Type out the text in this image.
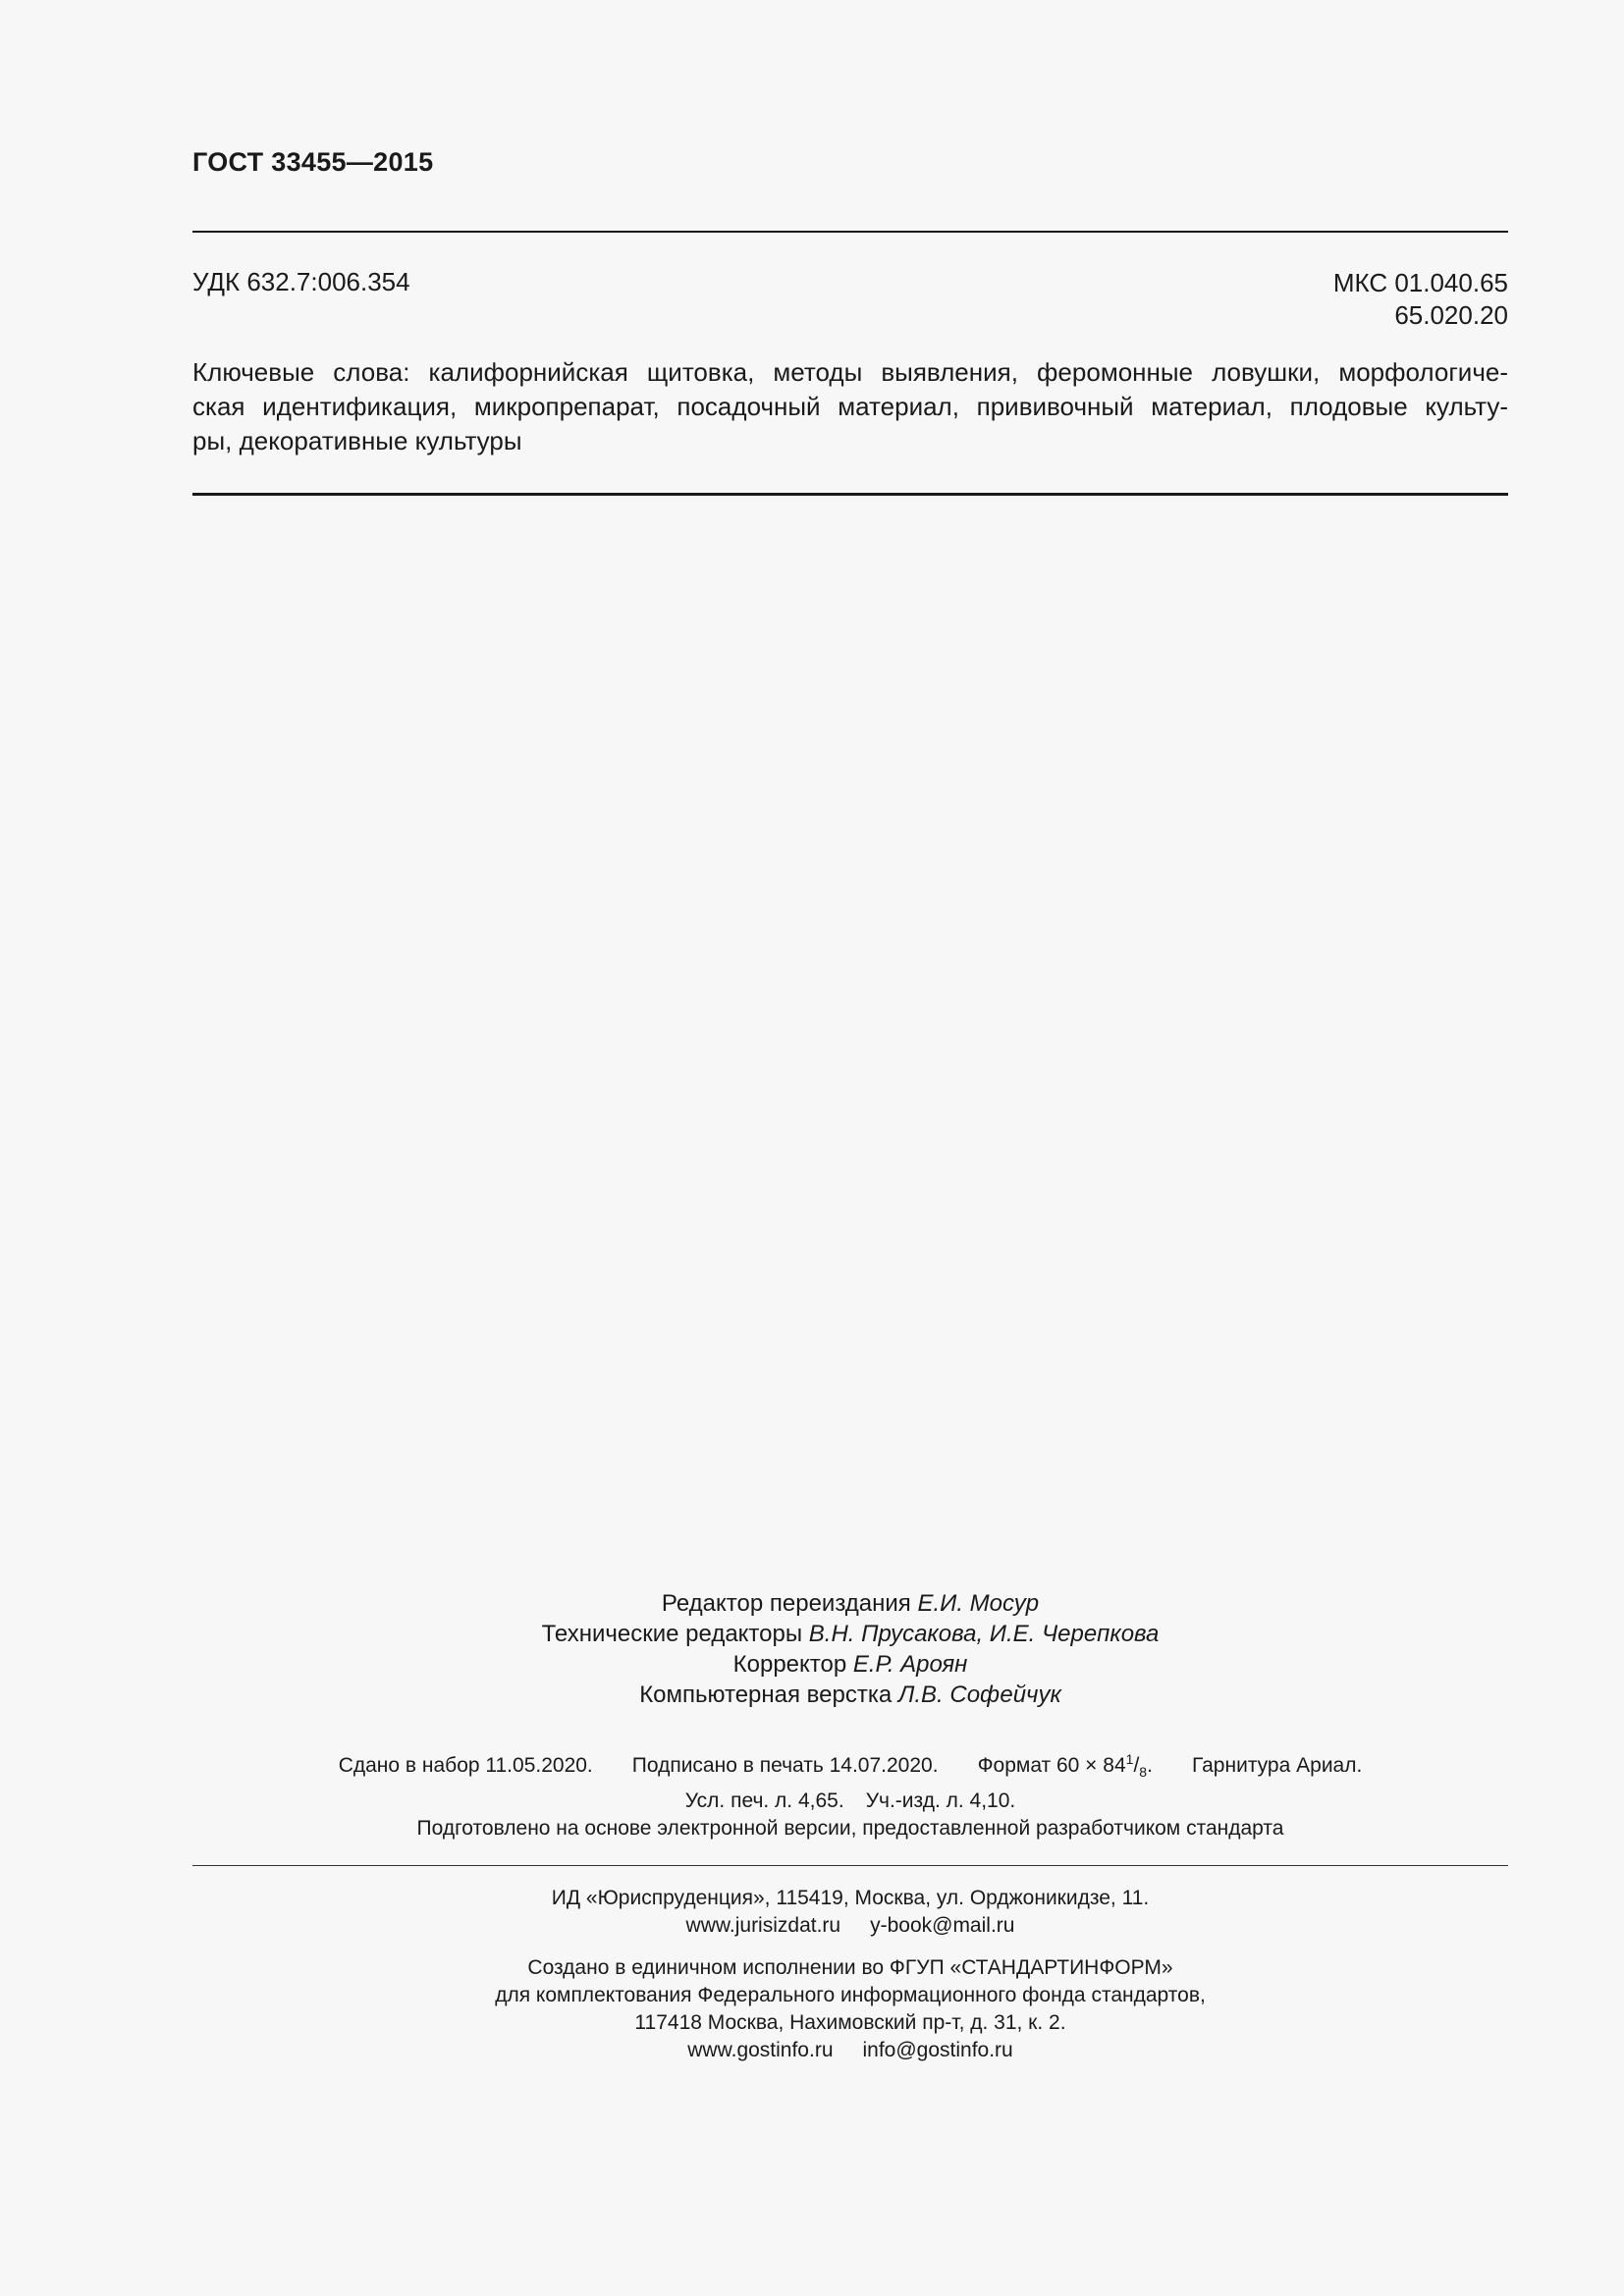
ГОСТ 33455—2015
УДК 632.7:006.354	МКС 01.040.65
65.020.20
Ключевые слова: калифорнийская щитовка, методы выявления, феромонные ловушки, морфологиче-
ская идентификация, микропрепарат, посадочный материал, прививочный материал, плодовые культу-
ры, декоративные культуры
Редактор переиздания Е.И. Мосур
Технические редакторы В.Н. Прусакова, И.Е. Черепкова
Корректор Е.Р. Ароян
Компьютерная верстка Л.В. Софейчук
Сдано в набор 11.05.2020. Подписано в печать 14.07.2020. Формат $60 \times 84^1/_8$. Гарнитура Ариал.
Усл. печ. л. 4,65. Уч.-изд. л. 4,10.
Подготовлено на основе электронной версии, предоставленной разработчиком стандарта
ИД «Юриспруденция», 115419, Москва, ул. Орджоникидзе, 11.
www.jurisizdat.ru y-book@mail.ru
Создано в единичном исполнении во ФГУП «СТАНДАРТИНФОРМ»
для комплектования Федерального информационного фонда стандартов,
117418 Москва, Нахимовский пр-т, д. 31, к. 2.
www.gostinfo.ru info@gostinfo.ru
